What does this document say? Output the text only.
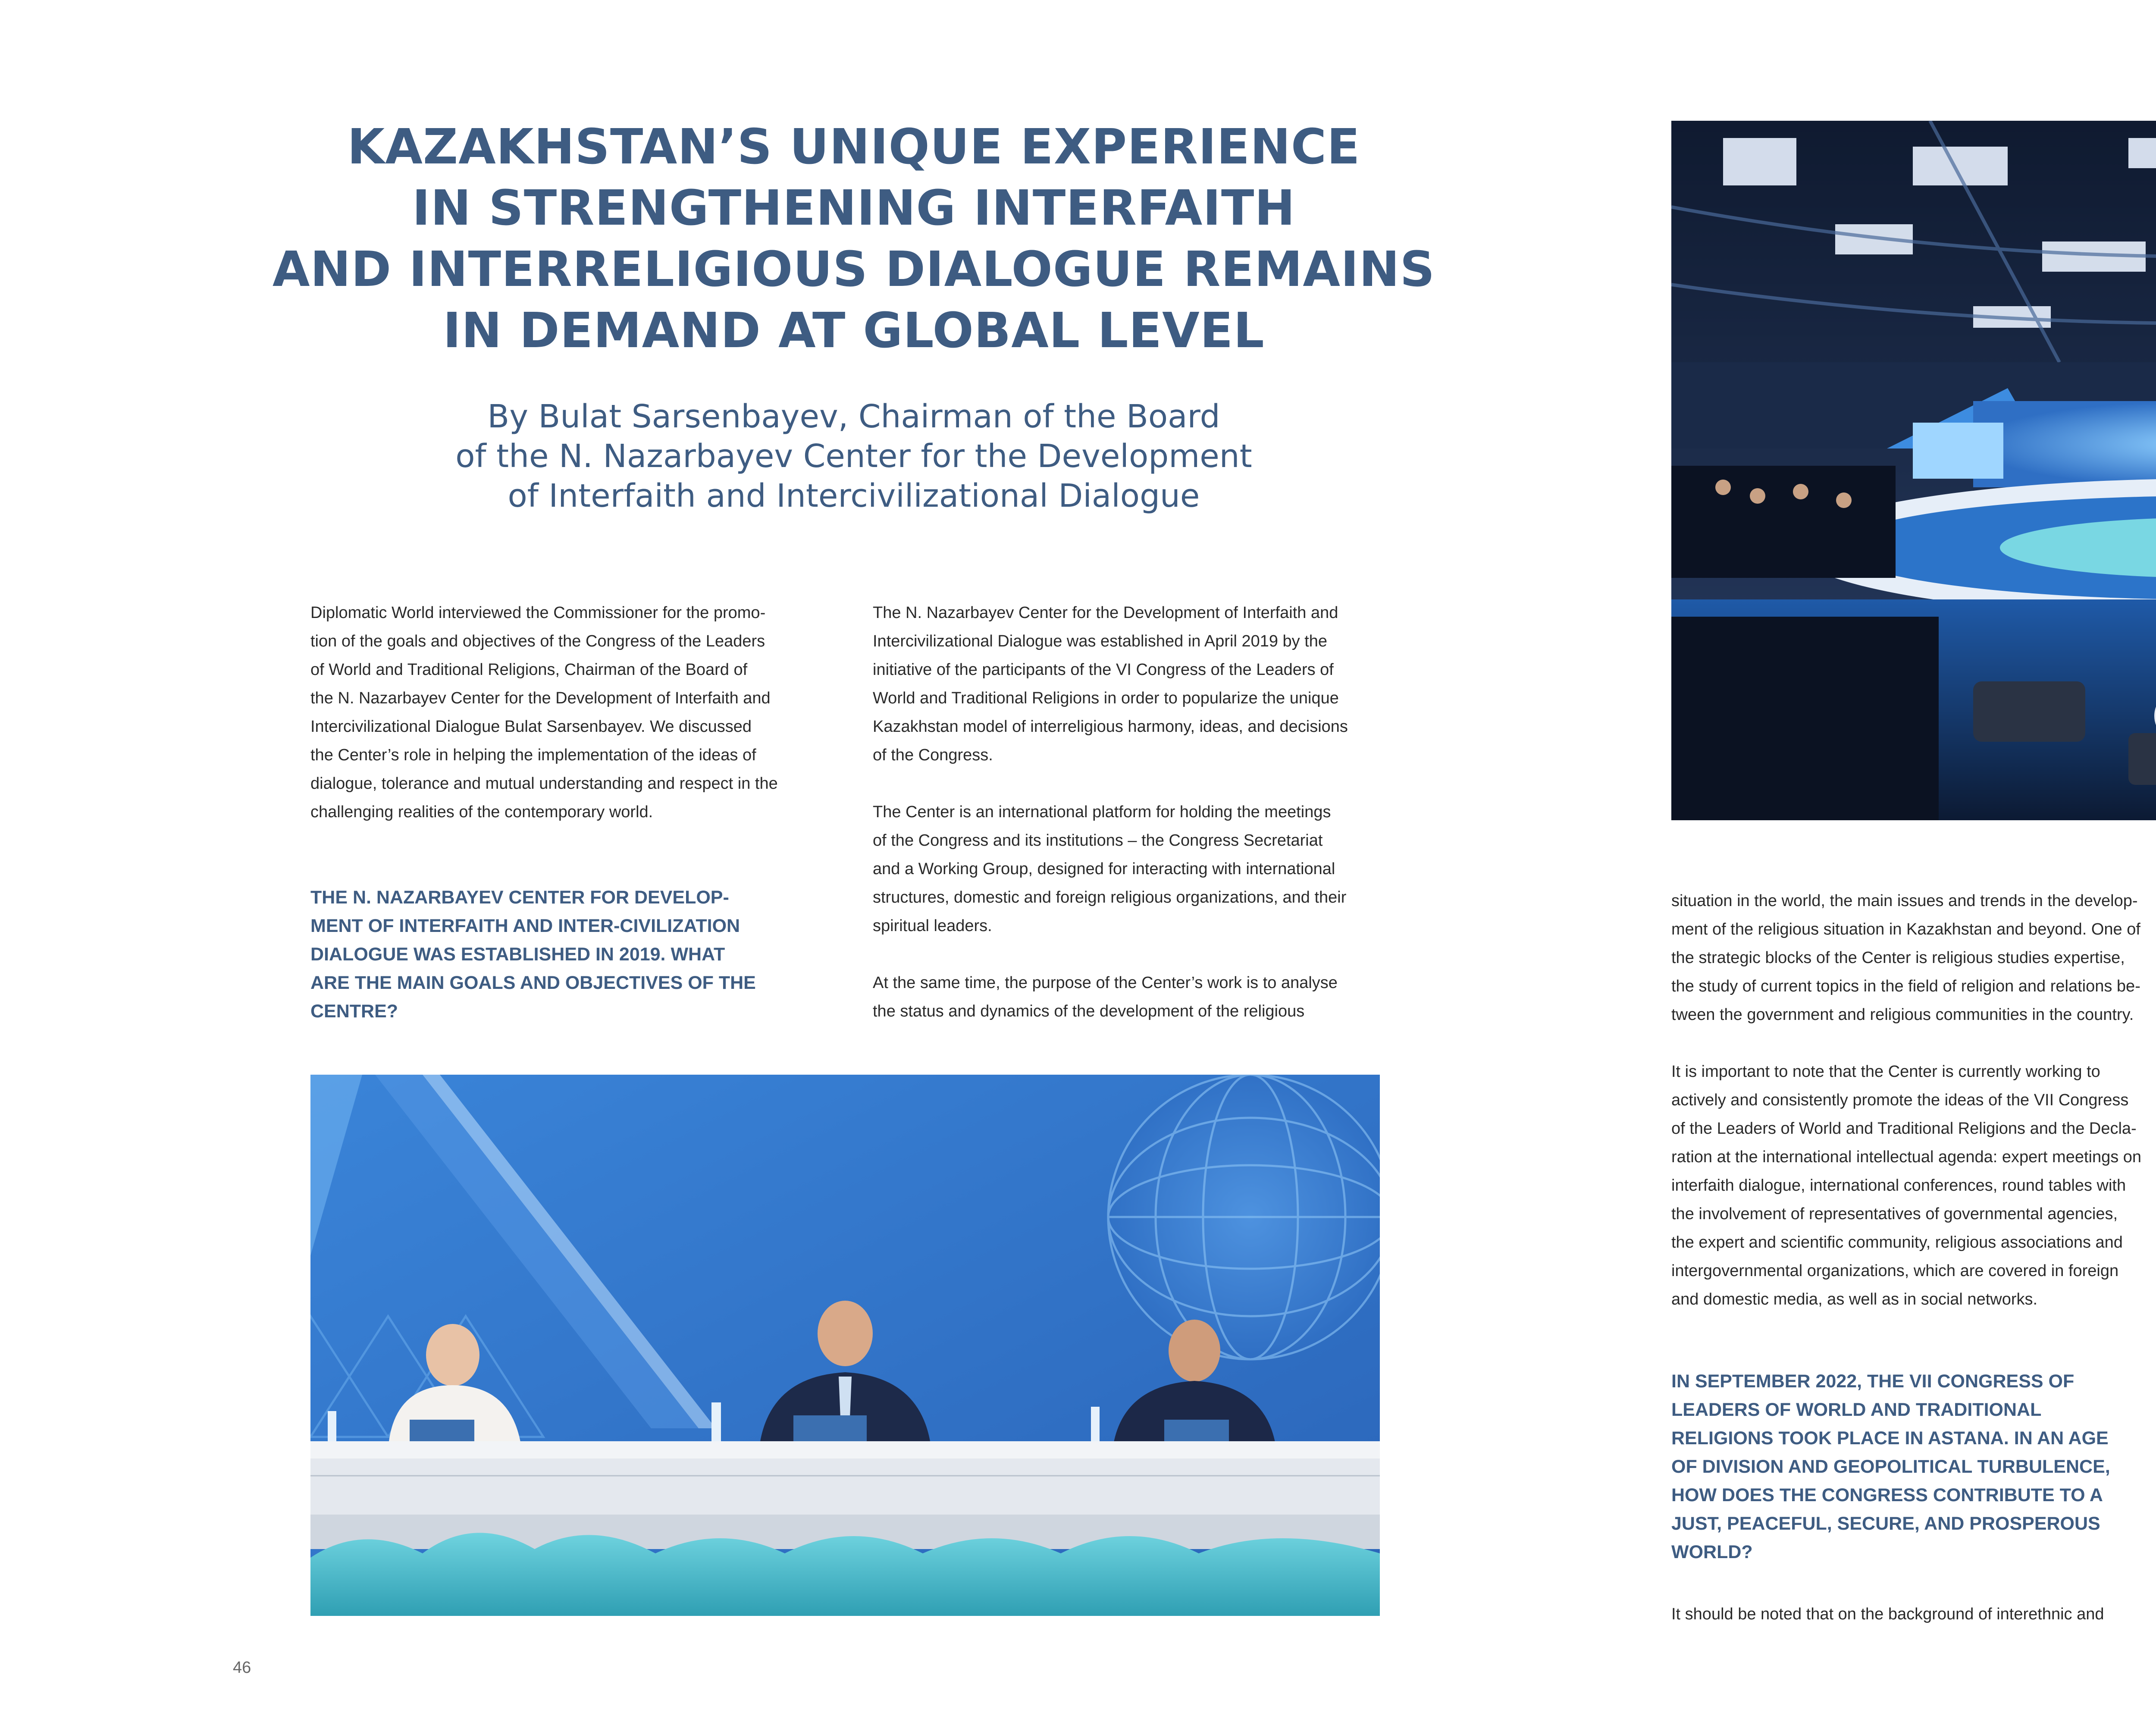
KAZAKHSTAN’S UNIQUE EXPERIENCE
IN STRENGTHENING INTERFAITH
AND INTERRELIGIOUS DIALOGUE REMAINS
IN DEMAND AT GLOBAL LEVEL
By Bulat Sarsenbayev, Chairman of the Board
of the N. Nazarbayev Center for the Development
of Interfaith and Intercivilizational Dialogue

Diplomatic World interviewed the Commissioner for the promo-
tion of the goals and objectives of the Congress of the Leaders
of World and Traditional Religions, Chairman of the Board of
the N. Nazarbayev Center for the Development of Interfaith and
Intercivilizational Dialogue Bulat Sarsenbayev. We discussed
the Center’s role in helping the implementation of the ideas of
dialogue, tolerance and mutual understanding and respect in the
challenging realities of the contemporary world.

THE N. NAZARBAYEV CENTER FOR DEVELOP-
MENT OF INTERFAITH AND INTER-CIVILIZATION
DIALOGUE WAS ESTABLISHED IN 2019. WHAT
ARE THE MAIN GOALS AND OBJECTIVES OF THE
CENTRE?

The N. Nazarbayev Center for the Development of Interfaith and
Intercivilizational Dialogue was established in April 2019 by the
initiative of the participants of the VI Congress of the Leaders of
World and Traditional Religions in order to popularize the unique
Kazakhstan model of interreligious harmony, ideas, and decisions
of the Congress.

The Center is an international platform for holding the meetings
of the Congress and its institutions – the Congress Secretariat
and a Working Group, designed for interacting with international
structures, domestic and foreign religious organizations, and their
spiritual leaders.

At the same time, the purpose of the Center’s work is to analyse
the status and dynamics of the development of the religious

46

situation in the world, the main issues and trends in the develop-
ment of the religious situation in Kazakhstan and beyond. One of
the strategic blocks of the Center is religious studies expertise,
the study of current topics in the field of religion and relations be-
tween the government and religious communities in the country.

It is important to note that the Center is currently working to
actively and consistently promote the ideas of the VII Congress
of the Leaders of World and Traditional Religions and the Decla-
ration at the international intellectual agenda: expert meetings on
interfaith dialogue, international conferences, round tables with
the involvement of representatives of governmental agencies,
the expert and scientific community, religious associations and
intergovernmental organizations, which are covered in foreign
and domestic media, as well as in social networks.

IN SEPTEMBER 2022, THE VII CONGRESS OF
LEADERS OF WORLD AND TRADITIONAL
RELIGIONS TOOK PLACE IN ASTANA. IN AN AGE
OF DIVISION AND GEOPOLITICAL TURBULENCE,
HOW DOES THE CONGRESS CONTRIBUTE TO A
JUST, PEACEFUL, SECURE, AND PROSPEROUS
WORLD?

It should be noted that on the background of interethnic and
